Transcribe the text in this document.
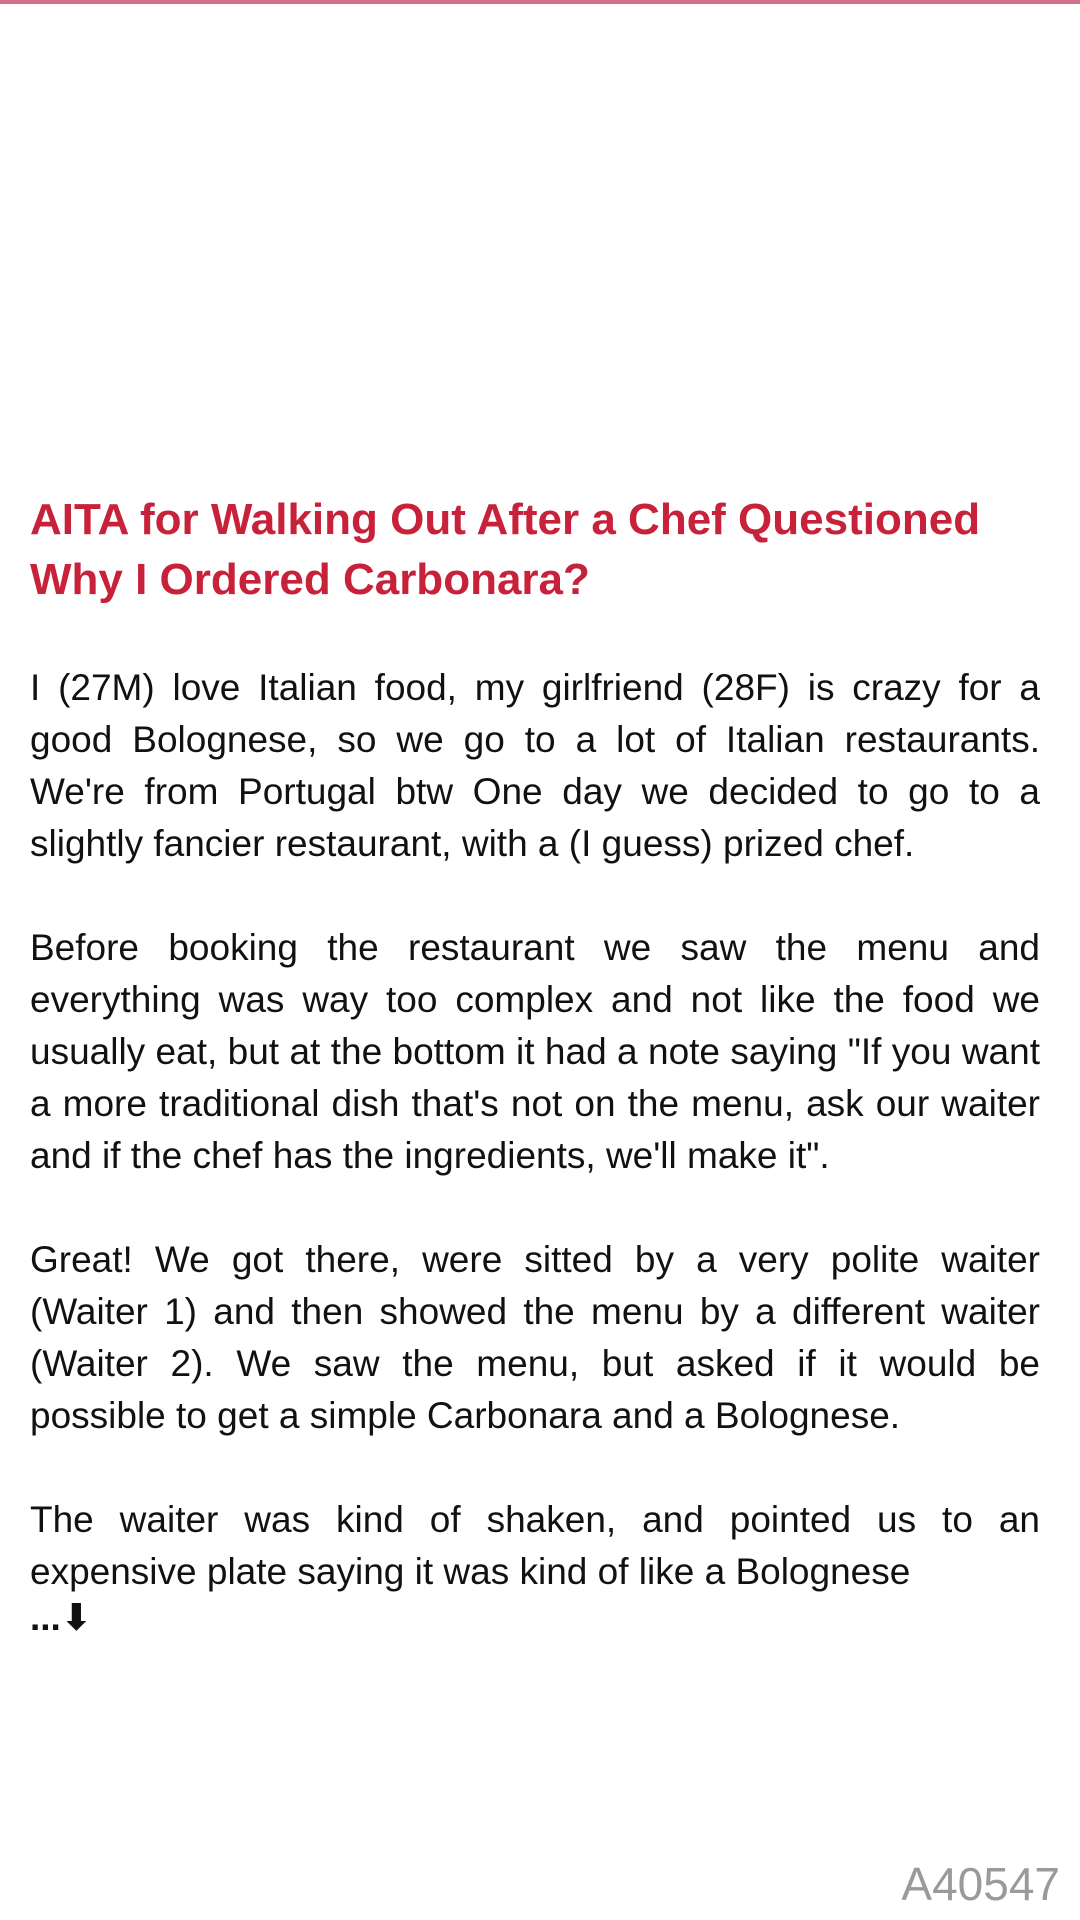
AITA for Walking Out After a Chef Questioned Why I Ordered Carbonara?

I (27M) love Italian food, my girlfriend (28F) is crazy for a good Bolognese, so we go to a lot of Italian restaurants. We're from Portugal btw One day we decided to go to a slightly fancier restaurant, with a (I guess) prized chef.

Before booking the restaurant we saw the menu and everything was way too complex and not like the food we usually eat, but at the bottom it had a note saying "If you want a more traditional dish that's not on the menu, ask our waiter and if the chef has the ingredients, we'll make it".

Great! We got there, were sitted by a very polite waiter (Waiter 1) and then showed the menu by a different waiter (Waiter 2). We saw the menu, but asked if it would be possible to get a simple Carbonara and a Bolognese.

The waiter was kind of shaken, and pointed us to an expensive plate saying it was kind of like a Bolognese

...⬇
A40547
